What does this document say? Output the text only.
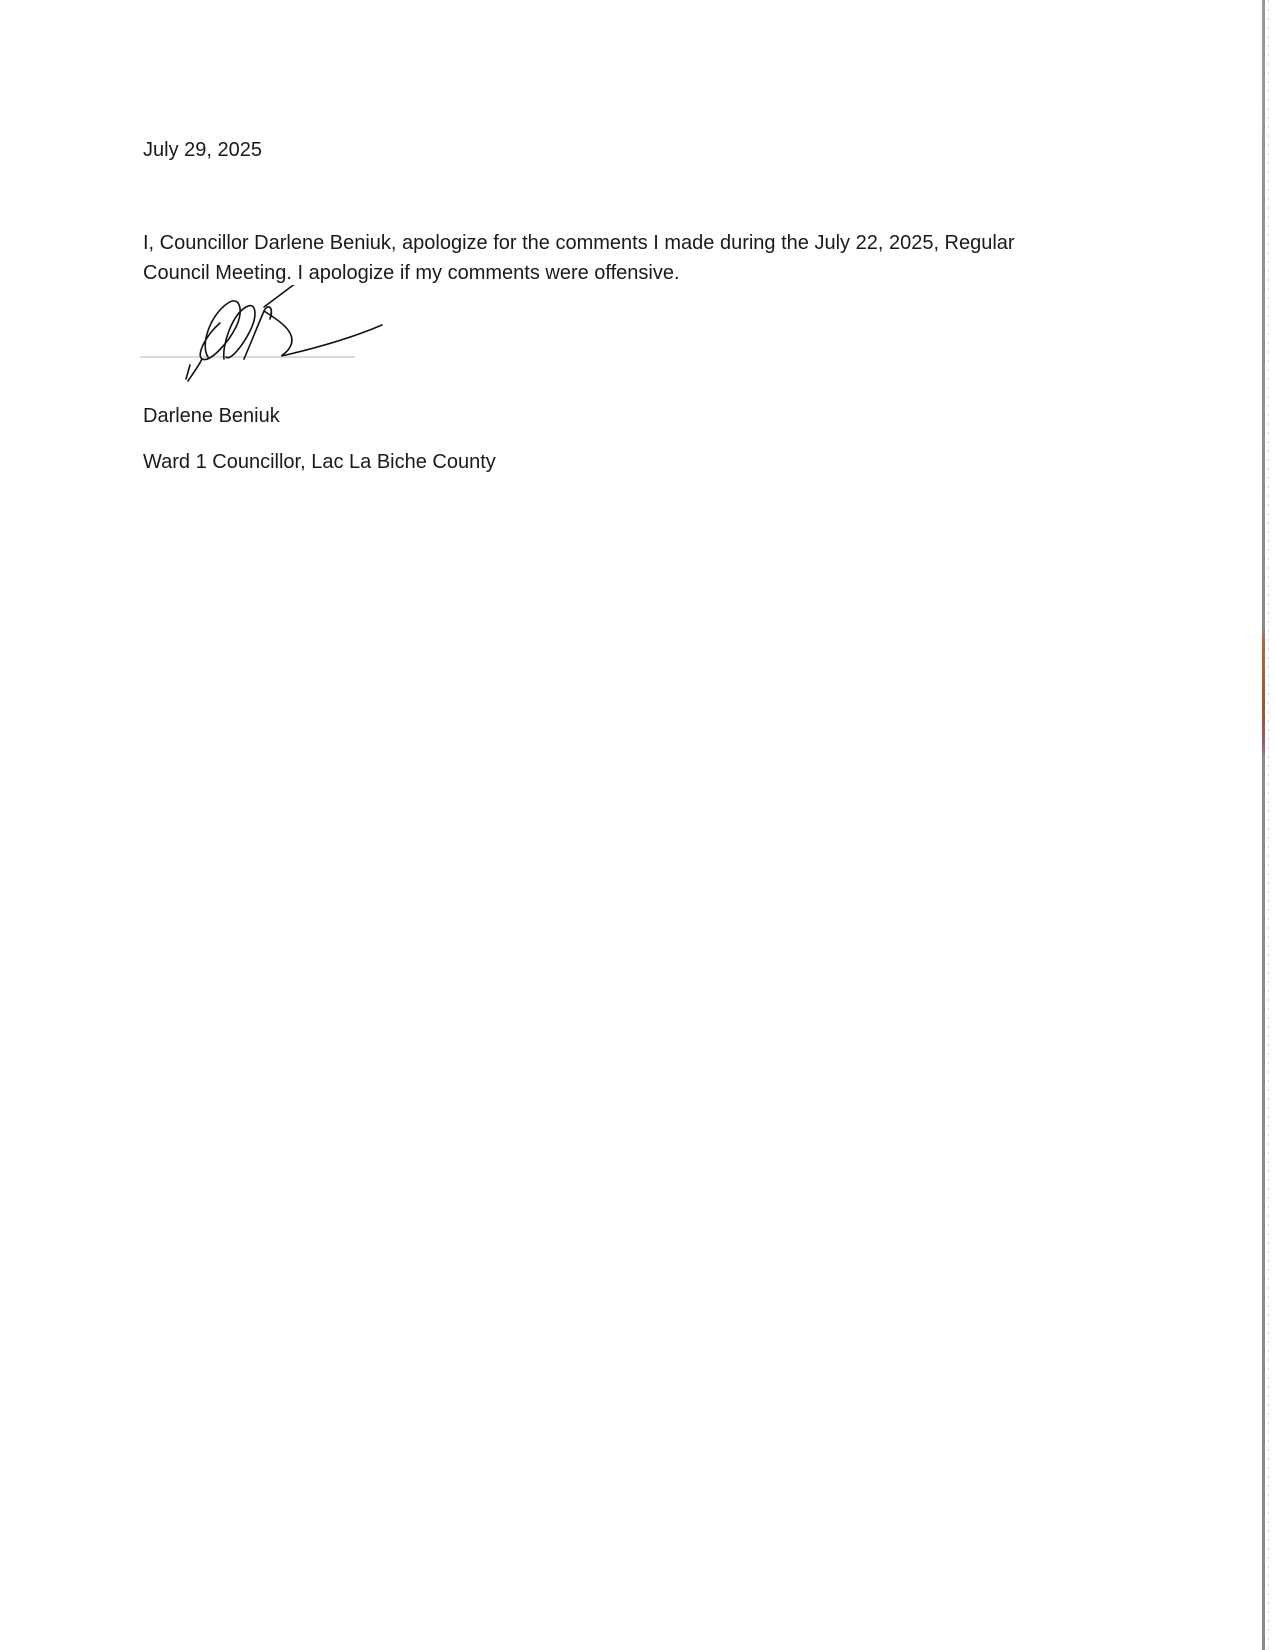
July 29, 2025

I, Councillor Darlene Beniuk, apologize for the comments I made during the July 22, 2025, Regular
Council Meeting. I apologize if my comments were offensive.

Darlene Beniuk

Ward 1 Councillor, Lac La Biche County
